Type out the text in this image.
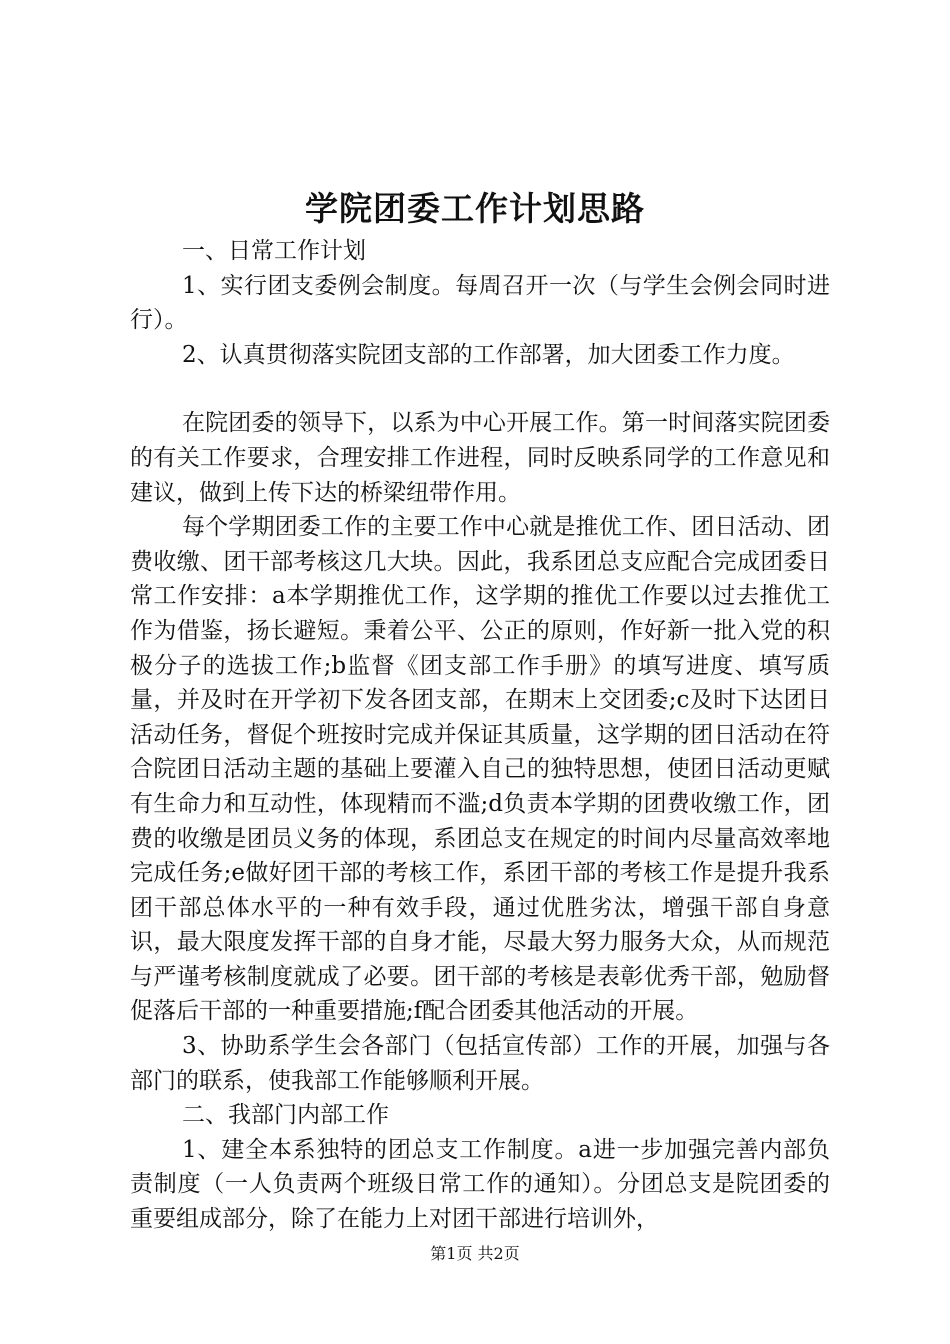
学院团委工作计划思路

一、日常工作计划

1、实行团支委例会制度。每周召开一次（与学生会例会同时进行）。

2、认真贯彻落实院团支部的工作部署，加大团委工作力度。

在院团委的领导下，以系为中心开展工作。第一时间落实院团委的有关工作要求，合理安排工作进程，同时反映系同学的工作意见和建议，做到上传下达的桥梁纽带作用。

每个学期团委工作的主要工作中心就是推优工作、团日活动、团费收缴、团干部考核这几大块。因此，我系团总支应配合完成团委日常工作安排：a本学期推优工作，这学期的推优工作要以过去推优工作为借鉴，扬长避短。秉着公平、公正的原则，作好新一批入党的积极分子的选拔工作;b监督《团支部工作手册》的填写进度、填写质量，并及时在开学初下发各团支部，在期末上交团委;c及时下达团日活动任务，督促个班按时完成并保证其质量，这学期的团日活动在符合院团日活动主题的基础上要灌入自己的独特思想，使团日活动更赋有生命力和互动性，体现精而不滥;d负责本学期的团费收缴工作，团费的收缴是团员义务的体现，系团总支在规定的时间内尽量高效率地完成任务;e做好团干部的考核工作，系团干部的考核工作是提升我系团干部总体水平的一种有效手段，通过优胜劣汰，增强干部自身意识，最大限度发挥干部的自身才能，尽最大努力服务大众，从而规范与严谨考核制度就成了必要。团干部的考核是表彰优秀干部，勉励督促落后干部的一种重要措施;f配合团委其他活动的开展。

3、协助系学生会各部门（包括宣传部）工作的开展，加强与各部门的联系，使我部工作能够顺利开展。

二、我部门内部工作

1、建全本系独特的团总支工作制度。a进一步加强完善内部负责制度（一人负责两个班级日常工作的通知）。分团总支是院团委的重要组成部分，除了在能力上对团干部进行培训外，

第1页 共2页
